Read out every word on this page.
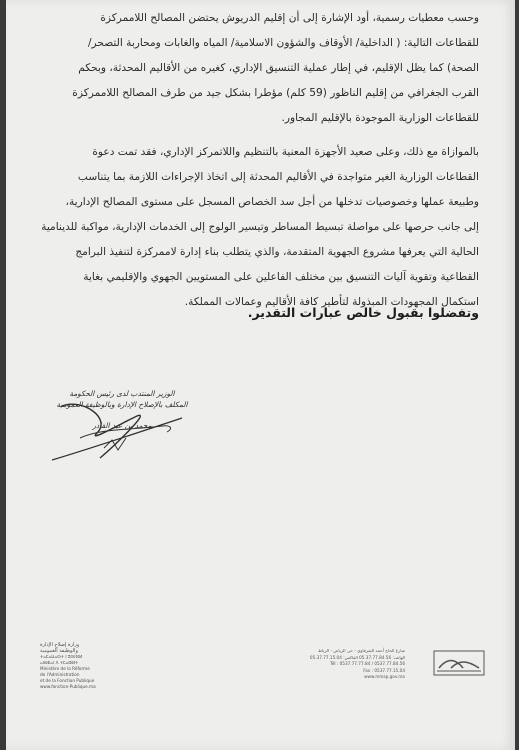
وحسب معطيات رسمية، أود الإشارة إلى أن إقليم الدريوش يحتضن المصالح اللاممركزة
للقطاعات التالية: ( الداخلية/ الأوقاف والشؤون الاسلامية/ المياه والغابات ومحاربة التصحر/
الصحة) كما يظل الإقليم، في إطار عملية التنسيق الإداري، كغيره من الأقاليم المحدثة، وبحكم
القرب الجغرافي من إقليم الناظور (59 كلم) مؤطرا بشكل جيد من طرف المصالح اللاممركزة
للقطاعات الوزارية الموجودة بالإقليم المجاور.
بالموازاة مع ذلك، وعلى صعيد الأجهزة المعنية بالتنظيم واللاتمركز الإداري، فقد تمت دعوة
القطاعات الوزارية الغير متواجدة في الأقاليم المحدثة إلى اتخاذ الإجراءات اللازمة بما يتناسب
وطبيعة عملها وخصوصيات تدخلها من أجل سد الخصاص المسجل على مستوى المصالح الإدارية،
إلى جانب حرصها على مواصلة تبسيط المساطر وتيسير الولوج إلى الخدمات الإدارية، مواكبة للدينامية
الحالية التي يعرفها مشروع الجهوية المتقدمة، والذي يتطلب بناء إدارة لاممركزة لتنفيذ البرامج
القطاعية وتقوية آليات التنسيق بين مختلف الفاعلين على المستويين الجهوي والإقليمي بغاية
استكمال المجهودات المبذولة لتأطير كافة الأقاليم وعمالات المملكة.
وتفضلوا بقبول خالص عبارات التقدير.
الوزير المنتدب لدى رئيس الحكومة
المكلف بالإصلاح الإدارة وبالوظيفة العمومية
محمد بن عبد القادر
وزارة إصلاح الإدارة
والوظيفة العمومية
ⵜⴰⵎⴰⵡⴰⵙⵜ ⵏ ⵓⵙⵏⴼⵍ
ⴰⵏⴱⴹⴰⵏ ⴷ ⵜⵎⴰⵀⵍⵜ
Ministère de la Réforme
de l'Administration
et de la Fonction Publique
www.fonction-Publique.ma
شارع الحاج أحمد الشرقاوي - حي الرياض - الرباط
الهاتف: 05.37.77.84.56 الفاكس: 05.37.77.15.04
Tél : 0537.77.77.84 / 0537.77.84.56
Fax : 0537.77.15.04
www.mmsp.gov.ma
